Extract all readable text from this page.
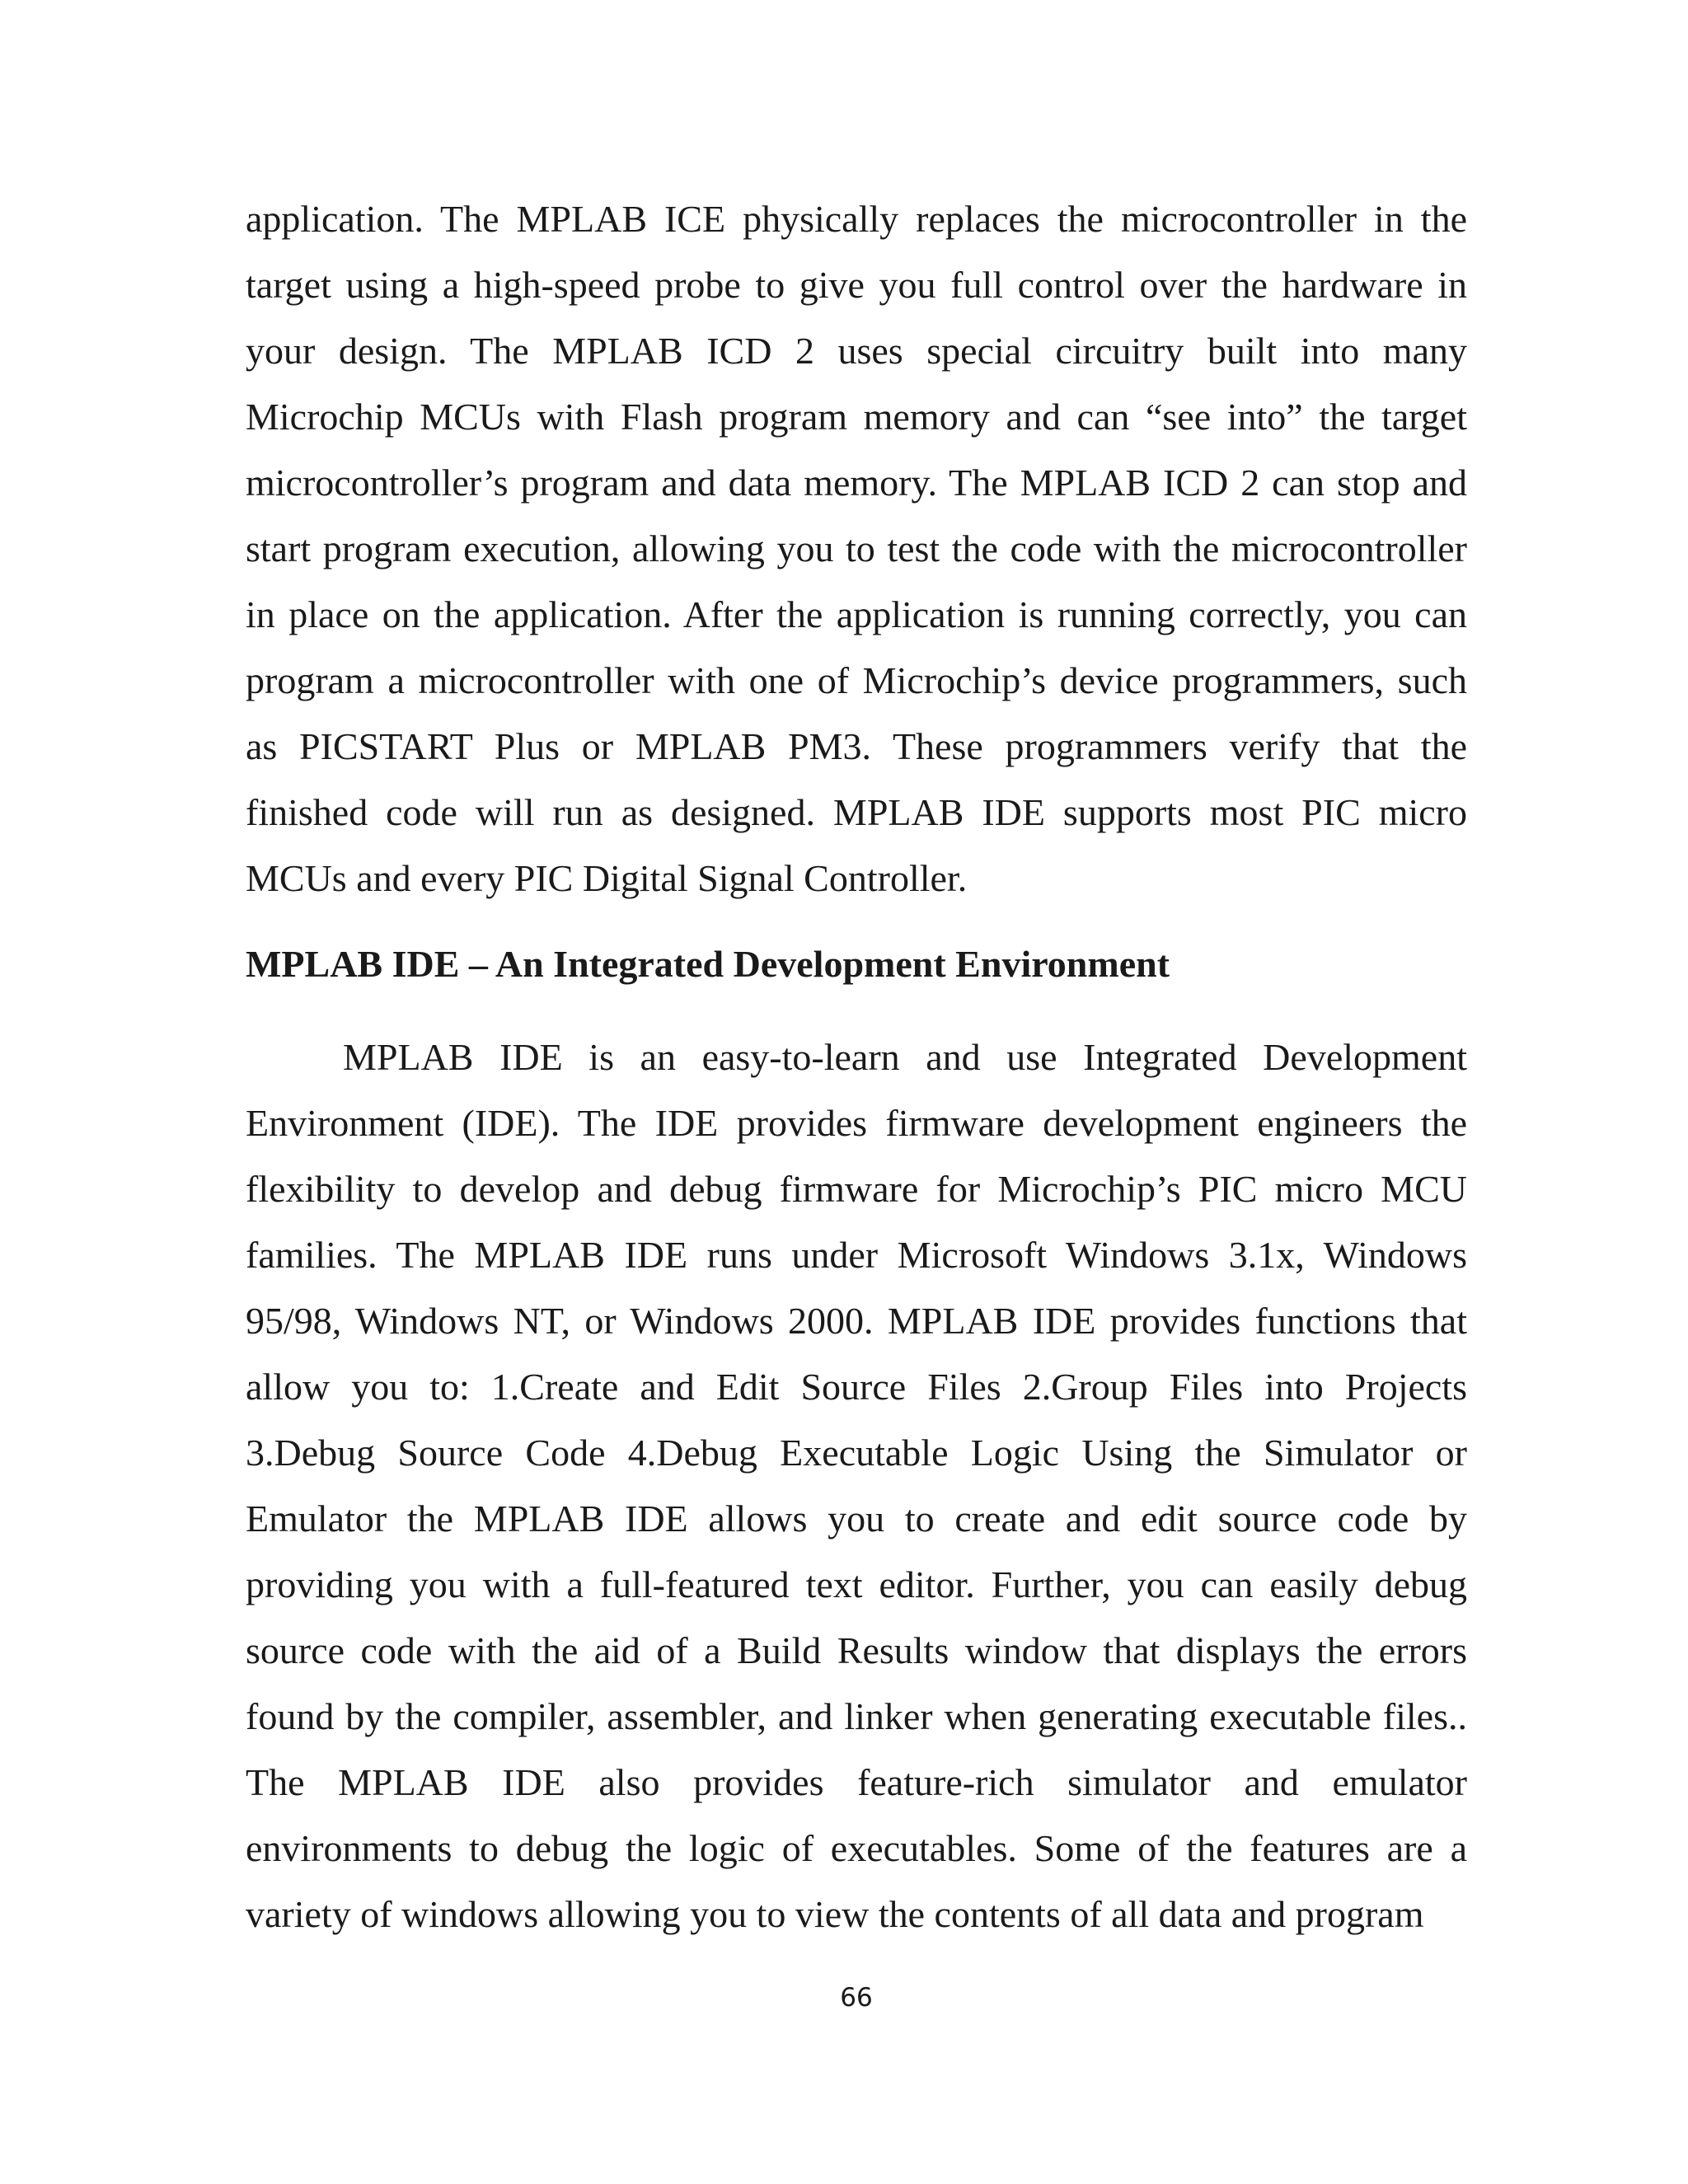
application. The MPLAB ICE physically replaces the microcontroller in the target using a high-speed probe to give you full control over the hardware in your design. The MPLAB ICD 2 uses special circuitry built into many Microchip MCUs with Flash program memory and can “see into” the target microcontroller’s program and data memory. The MPLAB ICD 2 can stop and start program execution, allowing you to test the code with the microcontroller in place on the application. After the application is running correctly, you can program a microcontroller with one of Microchip’s device programmers, such as PICSTART Plus or MPLAB PM3. These programmers verify that the finished code will run as designed. MPLAB IDE supports most PIC micro MCUs and every PIC Digital Signal Controller.

MPLAB IDE – An Integrated Development Environment

MPLAB IDE is an easy-to-learn and use Integrated Development Environment (IDE). The IDE provides firmware development engineers the flexibility to develop and debug firmware for Microchip’s PIC micro MCU families. The MPLAB IDE runs under Microsoft Windows 3.1x, Windows 95/98, Windows NT, or Windows 2000. MPLAB IDE provides functions that allow you to: 1.Create and Edit Source Files 2.Group Files into Projects 3.Debug Source Code 4.Debug Executable Logic Using the Simulator or Emulator the MPLAB IDE allows you to create and edit source code by providing you with a full-featured text editor. Further, you can easily debug source code with the aid of a Build Results window that displays the errors found by the compiler, assembler, and linker when generating executable files.. The MPLAB IDE also provides feature-rich simulator and emulator environments to debug the logic of executables. Some of the features are a variety of windows allowing you to view the contents of all data and program

66
